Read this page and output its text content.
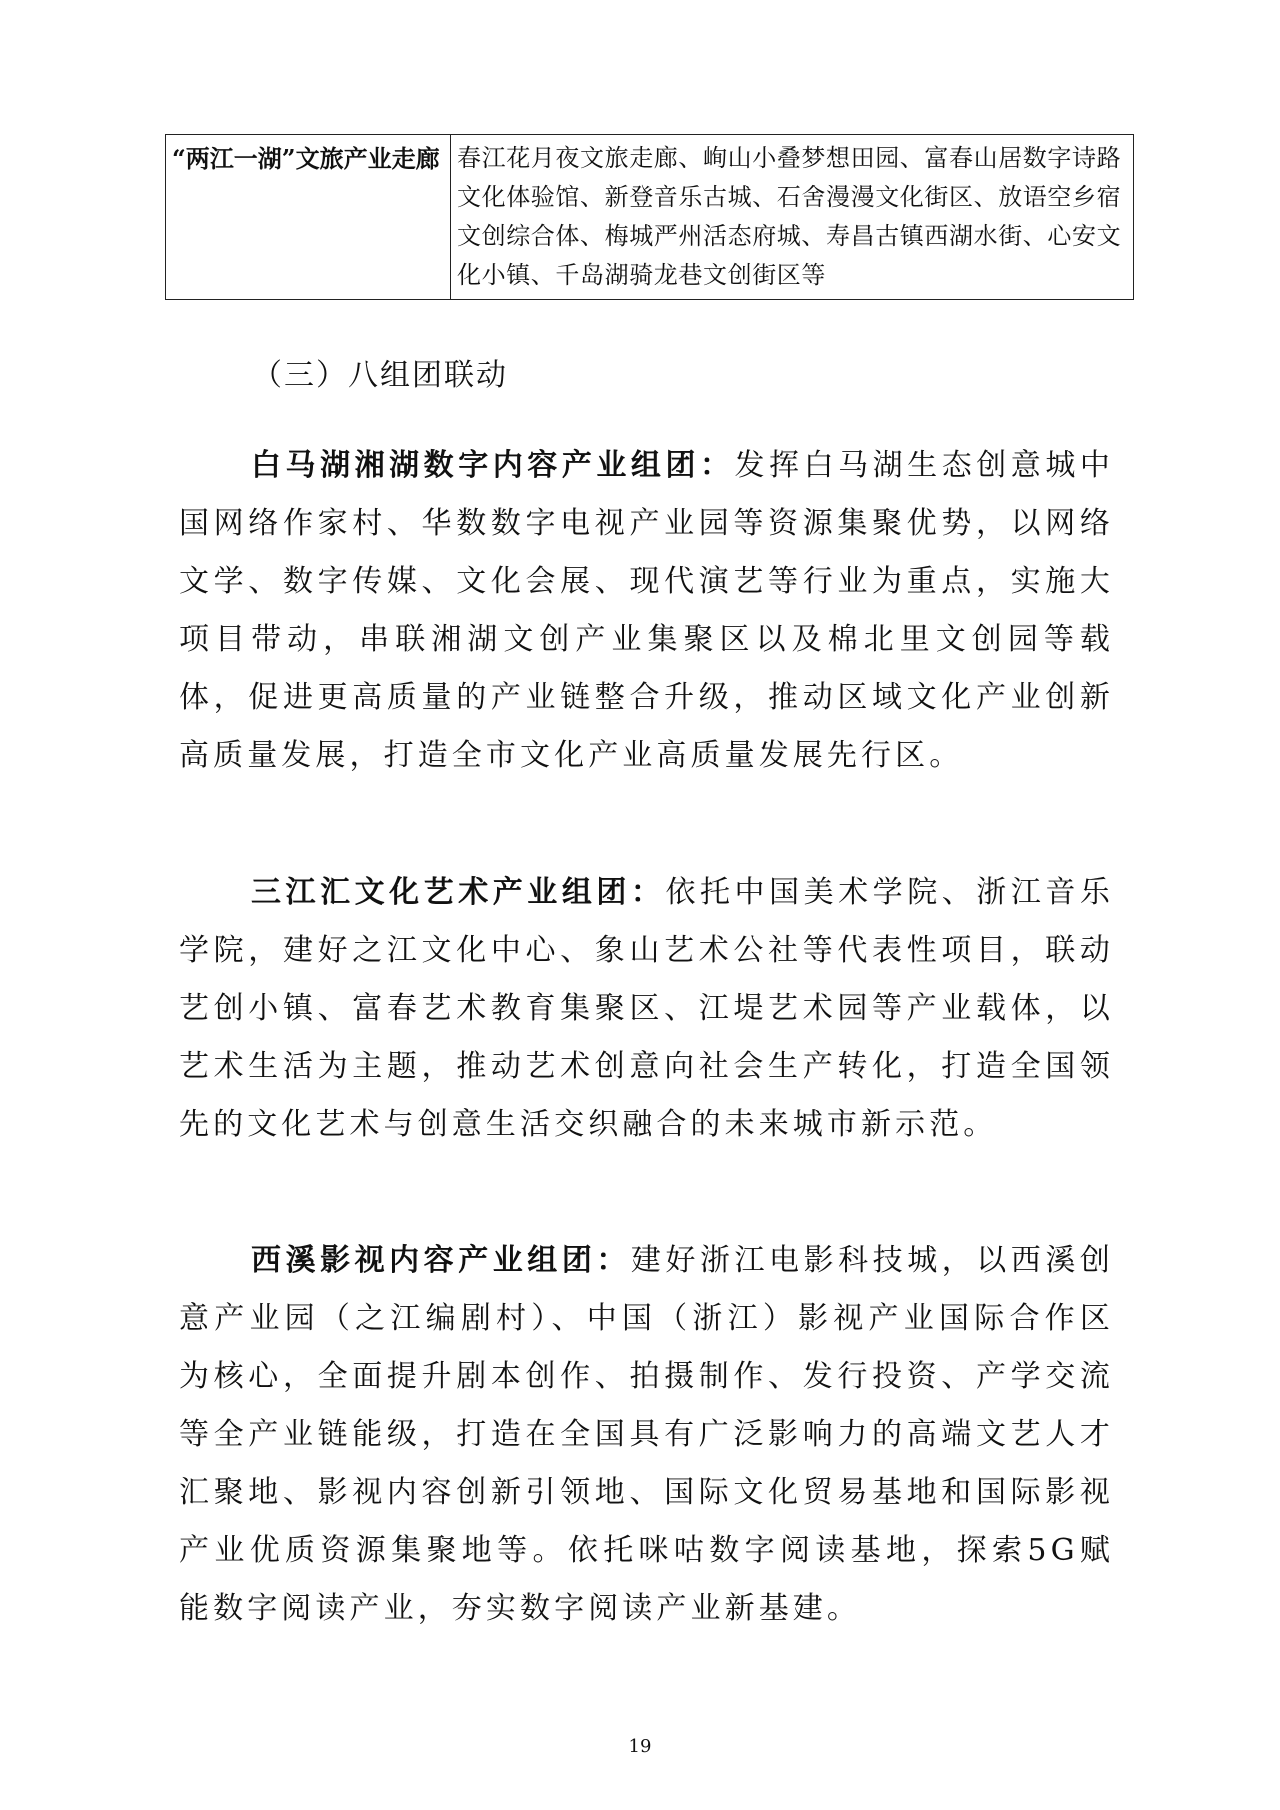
“两江一湖”文旅产业走廊	春江花月夜文旅走廊、峋山小叠梦想田园、富春山居数字诗路文化体验馆、新登音乐古城、石舍漫漫文化街区、放语空乡宿文创综合体、梅城严州活态府城、寿昌古镇西湖水街、心安文化小镇、千岛湖骑龙巷文创街区等
（三）八组团联动

白马湖湘湖数字内容产业组团：发挥白马湖生态创意城中国网络作家村、华数数字电视产业园等资源集聚优势，以网络文学、数字传媒、文化会展、现代演艺等行业为重点，实施大项目带动，串联湘湖文创产业集聚区以及棉北里文创园等载体，促进更高质量的产业链整合升级，推动区域文化产业创新高质量发展，打造全市文化产业高质量发展先行区。

三江汇文化艺术产业组团：依托中国美术学院、浙江音乐学院，建好之江文化中心、象山艺术公社等代表性项目，联动艺创小镇、富春艺术教育集聚区、江堤艺术园等产业载体，以艺术生活为主题，推动艺术创意向社会生产转化，打造全国领先的文化艺术与创意生活交织融合的未来城市新示范。

西溪影视内容产业组团：建好浙江电影科技城，以西溪创意产业园（之江编剧村）、中国（浙江）影视产业国际合作区为核心，全面提升剧本创作、拍摄制作、发行投资、产学交流等全产业链能级，打造在全国具有广泛影响力的高端文艺人才汇聚地、影视内容创新引领地、国际文化贸易基地和国际影视产业优质资源集聚地等。依托咪咕数字阅读基地，探索5G赋能数字阅读产业，夯实数字阅读产业新基建。

19
